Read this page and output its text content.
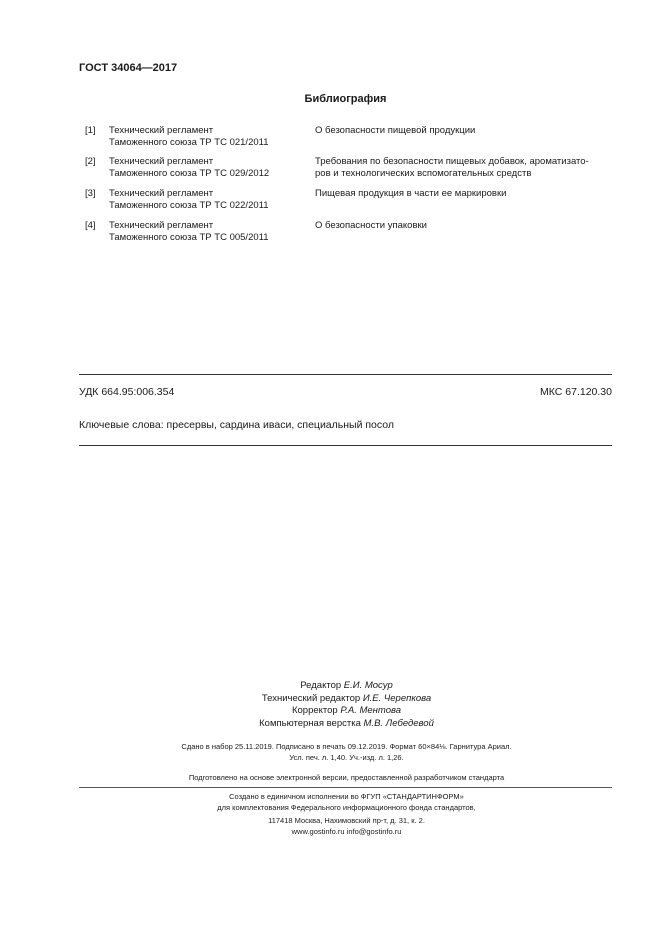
ГОСТ 34064—2017
Библиография
[1] Технический регламент
Таможенного союза ТР ТС 021/2011
О безопасности пищевой продукции
[2] Технический регламент
Таможенного союза ТР ТС 029/2012
Требования по безопасности пищевых добавок, ароматизато-
ров и технологических вспомогательных средств
[3] Технический регламент
Таможенного союза ТР ТС 022/2011
Пищевая продукция в части ее маркировки
[4] Технический регламент
Таможенного союза ТР ТС 005/2011
О безопасности упаковки
УДК 664.95:006.354	МКС 67.120.30
Ключевые слова: пресервы, сардина иваси, специальный посол
Редактор Е.И. Мосур
Технический редактор И.Е. Черепкова
Корректор Р.А. Ментова
Компьютерная верстка М.В. Лебедевой
Сдано в набор 25.11.2019. Подписано в печать 09.12.2019. Формат 60×84⅛. Гарнитура Ариал.
Усл. печ. л. 1,40. Уч.-изд. л. 1,26.
Подготовлено на основе электронной версии, предоставленной разработчиком стандарта
Создано в единичном исполнении во ФГУП «СТАНДАРТИНФОРМ»
для комплектования Федерального информационного фонда стандартов,
117418 Москва, Нахимовский пр-т, д. 31, к. 2.
www.gostinfo.ru info@gostinfo.ru
